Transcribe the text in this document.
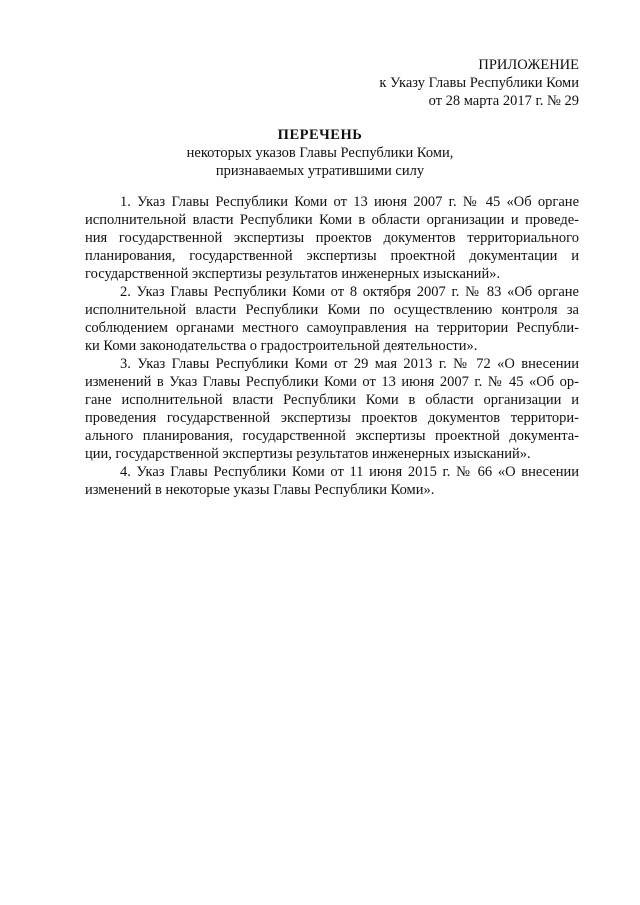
ПРИЛОЖЕНИЕ
к Указу Главы Республики Коми
от 28 марта 2017 г. № 29
ПЕРЕЧЕНЬ
некоторых указов Главы Республики Коми,
признаваемых утратившими силу
1. Указ Главы Республики Коми от 13 июня 2007 г. № 45 «Об органе
исполнительной власти Республики Коми в области организации и проведе-
ния государственной экспертизы проектов документов территориального
планирования, государственной экспертизы проектной документации и
государственной экспертизы результатов инженерных изысканий».
2. Указ Главы Республики Коми от 8 октября 2007 г. № 83 «Об органе
исполнительной власти Республики Коми по осуществлению контроля за
соблюдением органами местного самоуправления на территории Республи-
ки Коми законодательства о градостроительной деятельности».
3. Указ Главы Республики Коми от 29 мая 2013 г. № 72 «О внесении
изменений в Указ Главы Республики Коми от 13 июня 2007 г. № 45 «Об ор-
гане исполнительной власти Республики Коми в области организации и
проведения государственной экспертизы проектов документов территори-
ального планирования, государственной экспертизы проектной документа-
ции, государственной экспертизы результатов инженерных изысканий».
4. Указ Главы Республики Коми от 11 июня 2015 г. № 66 «О внесении
изменений в некоторые указы Главы Республики Коми».
